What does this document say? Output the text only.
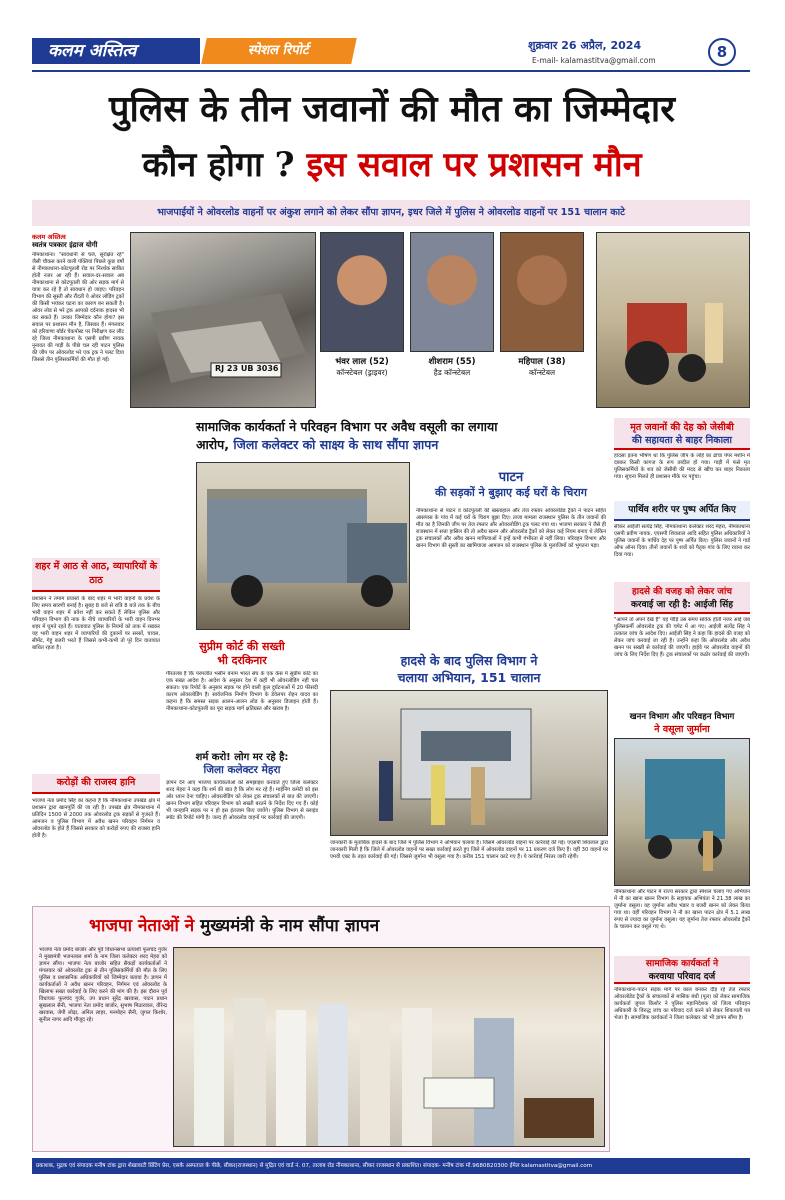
कलम अस्तित्व	स्पेशल रिपोर्ट	शुक्रवार 26 अप्रैल, 2024	8
E-mail- kalamastitva@gmail.com
पुलिस के तीन जवानों की मौत का जिम्मेदार
कौन होगा ? इस सवाल पर प्रशासन मौन
भाजपाईयों ने ओवरलोड वाहनों पर अंकुश लगाने को लेकर सौंपा ज्ञापन, इधर जिले में पुलिस ने ओवरलोड वाहनों पर 151 चालान काटे
कलम अस्तित्व
स्वतंत्र पत्रकार इंद्राज योगी
नीमकाथाना। "सावधानी से चले, सुरक्षित रहें" जैसी चौकस करने वाली पंक्तियां पिछले कुछ वर्षों से नीमकाथाना-कोटपूतली रोड पर निरर्थक साबित होती नजर आ रही हैं। सवाल-दर-सवाल अब नीमकाथाना से कोटपूतली की ओर सड़क मार्ग से यात्रा कर रहे है तो सावधान हो जाइए। परिवहन विभाग की सुस्ती और रौंदती ये ओवर लोडिंग ट्रकों की किसी भयंकर घटना का कारण बन सकती है। ओवर लोड से भरे ट्रक आपको दर्दनाक हादसा भी कर सकते हैं। उनका जिम्मेदार कौन होगा? इस सवाल पर प्रशासन मौन है, जिसका हैं। मंगलवार को हरियाणा बॉर्डर चेकपोस्ट पर निरीक्षण कर लौट रहे जिला नीमकाथाना के एसपी प्रवीण नायक नूनावत की गाड़ी के पीछे चल रही पाटन पुलिस की जीप पर ओवरलोड भरे एक ट्रक ने पलट दिया जिससे तीन पुलिसकर्मियों की मौत हो गई।
RJ 23 UB 3036
भंवर लाल (52)
कॉन्स्टेबल (ड्राइवर)
शीशराम (55)
हैड कॉन्स्टेबल
महिपाल (38)
कॉन्स्टेबल
शहर में आठ से आठ, व्यापारियों के ठाठ
प्रशासन ने तमाम प्रयासों के बाद शहर में भारी वाहनों के प्रवेश के लिए समय सारणी बनाई है। सुबह 8 बजे से रात्रि 8 बजे तक के बीच भारी वाहन शहर में प्रवेश नहीं कर सकते हैं लेकिन पुलिस और परिवहन विभाग की नाक के नीचे व्यापारियों के भारी वाहन दिनभर शहर में घूमते रहते हैं। यातायात पुलिस के नियमों को ताक में रखकर यह भारी वाहन शहर में व्यापारियों की दुकानों पर सरसों, चावल, सीमेंट, गेहूं बजरी भरते हैं जिससे कभी-कभी तो पूरे दिन यातायात बाधित रहता है।
करोड़ों की राजस्व हानि
भाजपा नेता प्रमोद सिंह का कहना है कि नीमकाथाना उपखंड क्षेत्र में प्रशासन द्वारा खानपूर्ति की जा रही है। उपखंड क्षेत्र नीमकाथाना में प्रतिदिन 1500 से 2000 तक ओवरलोड ट्रक सड़कों से गुजरते हैं। आमजन व पुलिस विभाग में अवैध खनन परिवहन निर्गमन व ओवरलोड के होते हैं जिससे सरकार को करोड़ों रुपए की राजस्व हानि होती है।
सामाजिक कार्यकर्ता ने परिवहन विभाग पर अवैध वसूली का लगाया
आरोप, जिला कलेक्टर को साक्ष्य के साथ सौंपा ज्ञापन
पाटन
की सड़कों ने बुझाए कई घरों के चिराग
नीमकाथाना से पाटन व कोटपूतली की खस्ताहाल और तेज रफ्तार ओवरलोडेड ट्रैकों ने पाटन सहित आसपास के गांव में कई घरों के चिराग बुझा दिए। ताजा मामला राजस्थान पुलिस के तीन जवानों की मौत का है जिनकी जीप पर तेज रफ्तार और ओवरलोडिंग ट्रक पलट गया था। भाजपा सरकार ने जैसे ही राजस्थान में सत्ता हासिल की तो अवैध खनन और ओवरलोड ट्रैकों को लेकर कई नियम बनाए थे लेकिन ट्रक संचालकों और अवैध खनन माफियाओं ने इन्हें कभी गंभीरता से नहीं लिया। परिवहन विभाग और खनन विभाग की सुस्ती का खामियाजा आमजन को राजस्थान पुलिस के मुलाजिमों को भुगतना पड़ा।
सुप्रीम कोर्ट की सख्ती
भी दरकिनार
गौरतलब है कि परमजीत भसीन बनाम भारत संघ के एक केस में सुप्रीम कोर्ट का एक सख्त आदेश है। आदेश के अनुसार देश में कहीं भी ओवरलोडिंग नहीं चल सकता। एक रिपोर्ट के अनुसार सड़क पर होने वाली कुल दुर्घटनाओं में 20 फीसदी कारण ओवरलोडिंग है। सार्वजनिक निर्माण विभाग के डेवेलपर रोहन यादव का कहना है कि समस्त सड़क आलन-आलन लोड के अनुसार डिजाइन होती हैं। नीमकाथाना-कोटपूतली का पूरा सड़क मार्ग क्षतिग्रस्त और खराब है।
शर्म करो! लोग मर रहे है:
जिला कलेक्टर मेहरा
ज्ञापन देने आए भाजपा कार्यकर्ताओं को समझाइश करवाते हुए जिला कलेक्टर शरद मेहरा ने कहा कि शर्म की बात है कि लोग मर रहे हैं। माईनिंग कमेटी को इस ओर ध्यान देना चाहिए। ओवरलोडिंग को लेकर ट्रक संचालकों से बात की जाएगी। खनन विभाग सहित परिवहन विभाग को सख्ती बरतने के निर्देश दिए गए हैं। कोई भी जनहानि सड़क पर न हो इस इंतजाम किए जायेंगे। पुलिस विभाग से ब्लाइंड स्पॉट की रिपोर्ट मांगी है। जल्द ही ओवरलोड वाहनों पर कार्रवाई की जाएगी।
हादसे के बाद पुलिस विभाग ने
चलाया अभियान, 151 चालान
जानकारी के मुताबिक हादसे के बाद जिले में पुलिस विभाग ने अभियान चलाया है। जिसमें ओवरलोड वाहनों पर कार्रवाई की गई। एएसपी शिवलाल द्वारा जानकारी मिली है कि जिले में ओवरलोड वाहनों पर सख्त कार्रवाई करते हुए जिले में ओवरलोड वाहनों पर 11 प्रकरण दर्ज किए हैं। वहीं 30 वाहनों पर एमवी एक्ट के तहत कार्रवाई की गई। जिससे जुर्माना भी वसूला गया है। करीब 151 चालान काटे गए हैं। ये कार्रवाई निरंतर जारी रहेगी।
मृत जवानों की देह को जेसीबी
की सहायता से बाहर निकाला
हादसा इतना भीषण था कि पुलिस जीप के लोहे का ढांचा पेपर मशीन में दबकर किसी कागज के रूप तब्दील हो गया। गाड़ी में फंसे मृत पुलिसकर्मियों के शव को जेसीबी की मदद से खींच कर बाहर निकाला गया। सूचना मिलते ही प्रशासन मौके पर पहुंचा।
पार्थिव शरीर पर पुष्प अर्पित किए
सीकर आईजी सत्येंद्र सिंह, नीमकाथाना कलेक्टर शरद मेहरा, नीमकाथाना एसपी प्रवीण नायक, एएसपी शिवलाल आदि सहित पुलिस अधिकारियों ने पुलिस जवानों के पार्थिव देह पर पुष्प अर्पित किए। पुलिस जवानों ने गार्ड ऑफ ऑनर दिया। तीनों जवानों के शवों को पैतृक गांव के लिए रवाना कर दिया गया।
हादसे की वजह को लेकर जांच
करवाई जा रही है: आईजी सिंह
"आपने तो अपने देखे है" यह पीड़ि उस समय सांवेक होती नजर आई जब पुलिसकर्मी ओवरलोड ट्रक की चपेट में आ गए। आईजी सत्येंद्र सिंह ने तत्काल जांच के आदेश दिए। आईजी सिंह ने कहा कि हादसे की वजह को लेकर जांच करवाई जा रही है। उन्होंने कहा कि ओवरलोड और अवैध खनन पर सख्ती से कार्रवाई की जाएगी। हाईवे पर ओवरलोड वाहनों की जांच के लिए निर्देश दिए हैं। ट्रक संचालकों पर कठोर कार्रवाई की जाएगी।
खनन विभाग और परिवहन विभाग
ने वसूला जुर्माना
नीमकाथाना और पाटन में राज्य सरकार द्वारा स्पेशल चलाए गए अभियान में नौ का खाना खनन विभाग के सहायक अभियंता ने 21.38 लाख का जुर्माना वसूला। वह जुर्माना अवैध भंडार व बजरी खनन को लेकर किया गया था। वहीं परिवहन विभाग ने नौ का खाना पाटन क्षेत्र में 5.1 लाख रुपए से ज्यादा का जुर्माना वसूला। यह जुर्माना तेज रफ्तार ओवरलोड ट्रैकों के चालान कर वसूले गए थे।
सामाजिक कार्यकर्ता ने
करवाया परिवाद दर्ज
नीमकाथाना-पाटन सड़क मार्ग पर काल बनकर दौड़ रहे तेज रफ्तार ओवरलोडेड ट्रैकों के संचालकों से मासिक बंधी (पूल) को लेकर सामाजिक कार्यकर्ता जुगल किशोर ने पुलिस महानिदेशक को जिला परिवहन अधिकारी के विरुद्ध जांच का परिवाद दर्ज करने को लेकर शिकायती पत्र भेजा है। सामाजिक कार्यकर्ता ने जिला कलेक्टर को भी ज्ञापन सौंपा है।
भाजपा नेताओं ने मुख्यमंत्री के नाम सौंपा ज्ञापन
भाजपा नेता प्रमोद बाजोर और पूर्व विधानसभा प्रत्याशी फूलचंद गुर्जर ने मुख्यमंत्री भजनलाल शर्मा के नाम जिला कलेक्टर शरद मेहरा को ज्ञापन सौंपा। भाजपा नेता बाजोर सहित सैकड़ों कार्यकर्ताओं ने मंगलवार को ओवरलोड ट्रक से तीन पुलिसकर्मियों की मौत के लिए पुलिस व प्रशासनिक अधिकारियों को जिम्मेदार बताया है। ज्ञापन में कार्यकर्ताओं ने अवैध खनन परिवहन, निर्गमन एवं ओवरलोड के खिलाफ सख्त कार्रवाई के लिए करने की मांग की है। इस दौरान पूर्व विधायक फूलचंद गुर्जर, उप प्रधान सुरेंद्र खरवास, पाटन प्रधान सुखलाल सैनी, भाजपा नेता प्रमोद बाजोर, सुभाष मिठारवाल, वीरेन्द्र खरवास, जेपी लोढ़ा, अनिल लाहर, मनमोहन सैनी, जुगल किशोर, सुनील नागर आदि मौजूद रहे।
प्रकाशक, मुद्रक एवं संपादक मनीष टांक द्वारा शेखावाटी प्रिंटिंग प्रेस, एसके अस्पताल के पीछे, सीकर(राजस्थान) से मुद्रित एवं वार्ड नं. 07, तालाब रोड नीमकाथाना, सीकर राजस्थान से प्रकाशित। संपादक- मनीष टांक मो.9680820300 ईमेल kalamastitva@gmail.com
